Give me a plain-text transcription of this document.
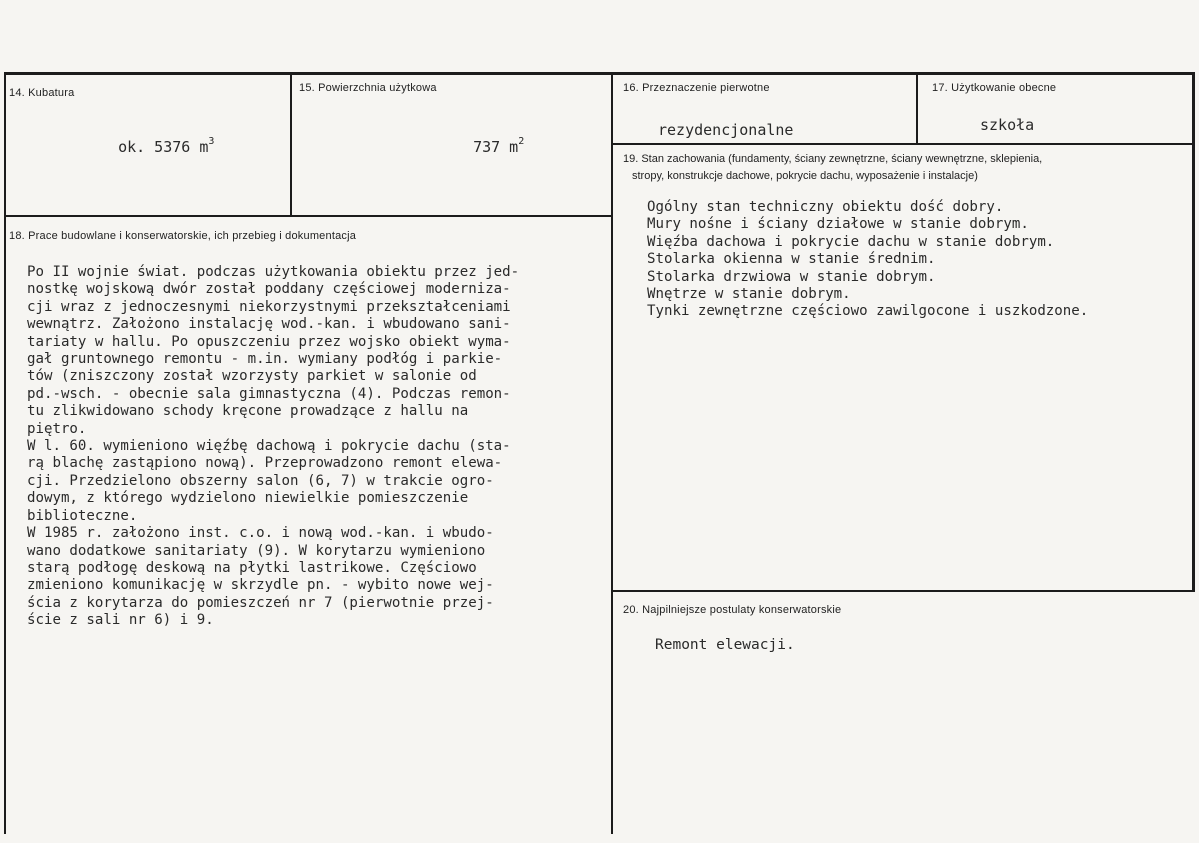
14. Kubatura

ok. 5376 $m^3$

15. Powierzchnia użytkowa

737 $m^2$

16. Przeznaczenie pierwotne
rezydencjonalne
17. Użytkowanie obecne
szkoła
18. Prace budowlane i konserwatorskie, ich przebieg i dokumentacja
Po II wojnie świat. podczas użytkowania obiektu przez jed-
nostkę wojskową dwór został poddany częściowej moderniza-
cji wraz z jednoczesnymi niekorzystnymi przekształceniami
wewnątrz. Założono instalację wod.-kan. i wbudowano sani-
tariaty w hallu. Po opuszczeniu przez wojsko obiekt wyma-
gał gruntownego remontu - m.in. wymiany podłóg i parkie-
tów (zniszczony został wzorzysty parkiet w salonie od
pd.-wsch. - obecnie sala gimnastyczna (4). Podczas remon-
tu zlikwidowano schody kręcone prowadzące z hallu na
piętro.
W l. 60. wymieniono więźbę dachową i pokrycie dachu (sta-
rą blachę zastąpiono nową). Przeprowadzono remont elewa-
cji. Przedzielono obszerny salon (6, 7) w trakcie ogro-
dowym, z którego wydzielono niewielkie pomieszczenie
biblioteczne.
W 1985 r. założono inst. c.o. i nową wod.-kan. i wbudo-
wano dodatkowe sanitariaty (9). W korytarzu wymieniono
starą podłogę deskową na płytki lastrikowe. Częściowo
zmieniono komunikację w skrzydle pn. - wybito nowe wej-
ścia z korytarza do pomieszczeń nr 7 (pierwotnie przej-
ście z sali nr 6) i 9.
19. Stan zachowania (fundamenty, ściany zewnętrzne, ściany wewnętrzne, sklepienia,
stropy, konstrukcje dachowe, pokrycie dachu, wyposażenie i instalacje)
Ogólny stan techniczny obiektu dość dobry.
Mury nośne i ściany działowe w stanie dobrym.
Więźba dachowa i pokrycie dachu w stanie dobrym.
Stolarka okienna w stanie średnim.
Stolarka drzwiowa w stanie dobrym.
Wnętrze w stanie dobrym.
Tynki zewnętrzne częściowo zawilgocone i uszkodzone.
20. Najpilniejsze postulaty konserwatorskie
Remont elewacji.
